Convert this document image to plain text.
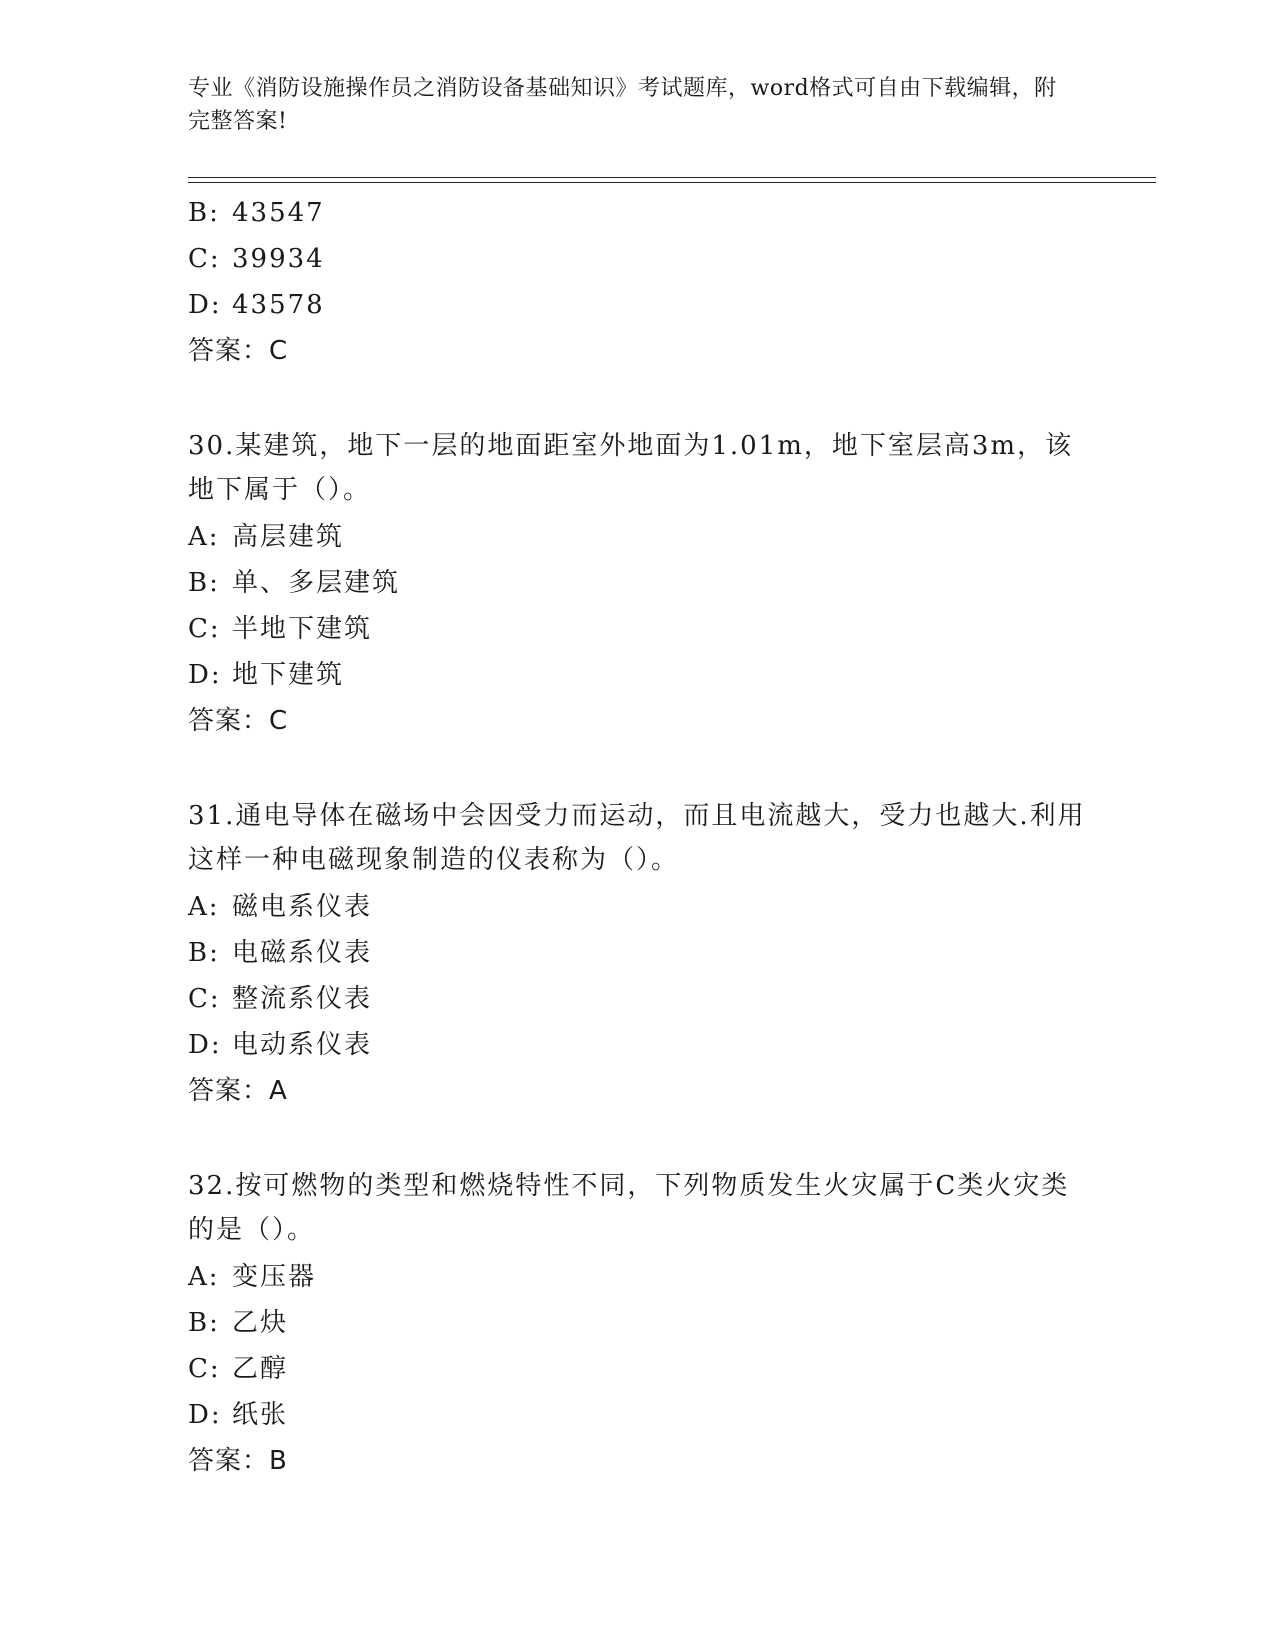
专业《消防设施操作员之消防设备基础知识》考试题库，word格式可自由下载编辑，附完整答案!
B: 43547
C: 39934
D: 43578
答案：C
30.某建筑，地下一层的地面距室外地面为1.01m，地下室层高3m，该地下属于（）。
A: 高层建筑
B: 单、多层建筑
C: 半地下建筑
D: 地下建筑
答案：C
31.通电导体在磁场中会因受力而运动，而且电流越大，受力也越大.利用这样一种电磁现象制造的仪表称为（）。
A: 磁电系仪表
B: 电磁系仪表
C: 整流系仪表
D: 电动系仪表
答案：A
32.按可燃物的类型和燃烧特性不同，下列物质发生火灾属于C类火灾类的是（）。
A: 变压器
B: 乙炔
C: 乙醇
D: 纸张
答案：B
